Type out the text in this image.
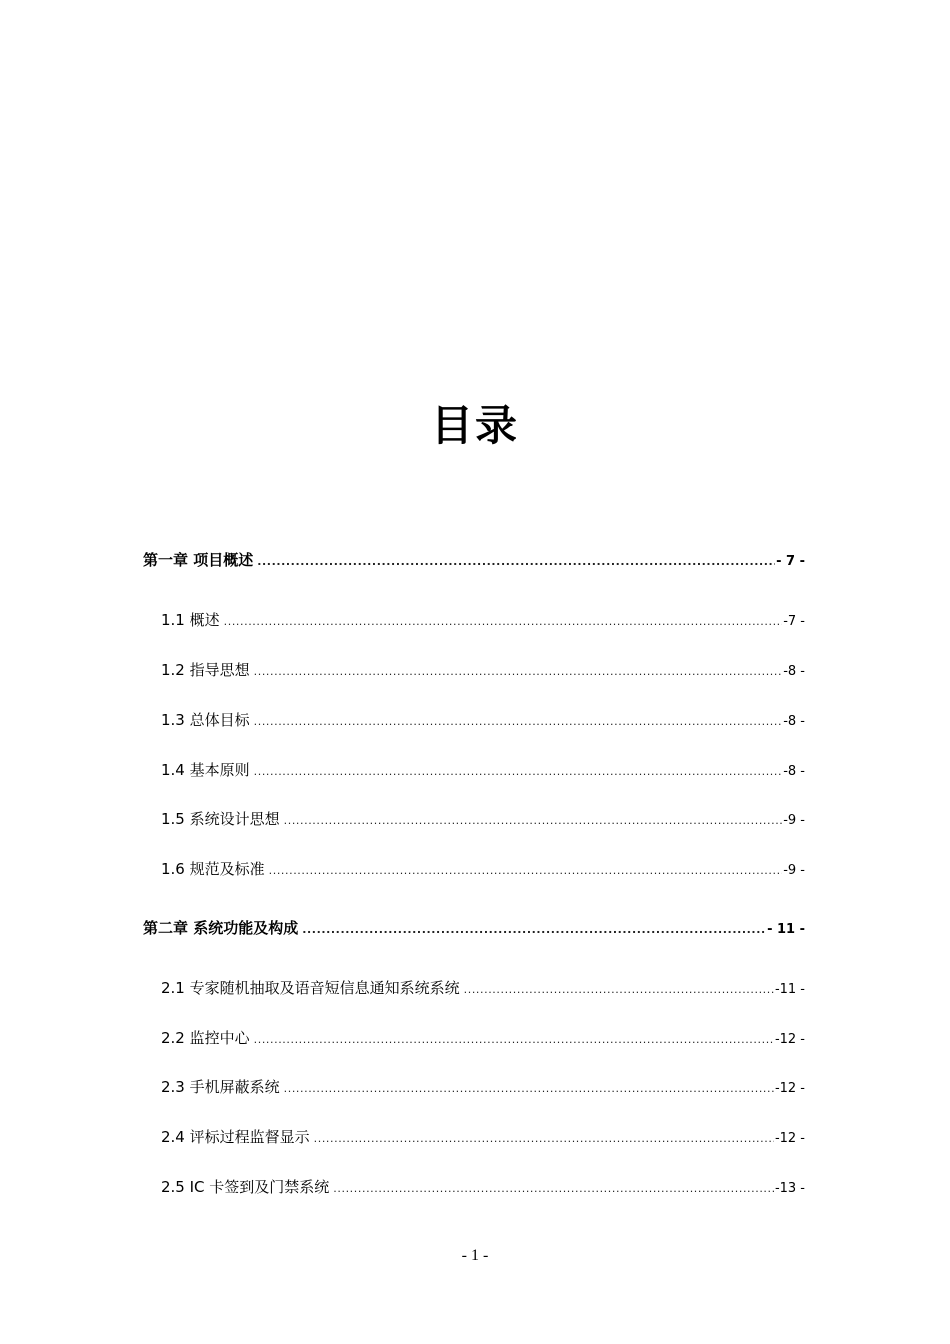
目录
第一章 项目概述 .....	- 7 -
1.1 概述 .....	-7 -
1.2 指导思想 .....	-8 -
1.3 总体目标 .....	-8 -
1.4 基本原则 .....	-8 -
1.5 系统设计思想 .....	-9 -
1.6 规范及标准 .....	-9 -
第二章 系统功能及构成 .....	- 11 -
2.1 专家随机抽取及语音短信息通知系统系统 .....	-11 -
2.2 监控中心 .....	-12 -
2.3 手机屏蔽系统 .....	-12 -
2.4 评标过程监督显示 .....	-12 -
2.5 IC 卡签到及门禁系统 .....	-13 -
- 1 -
